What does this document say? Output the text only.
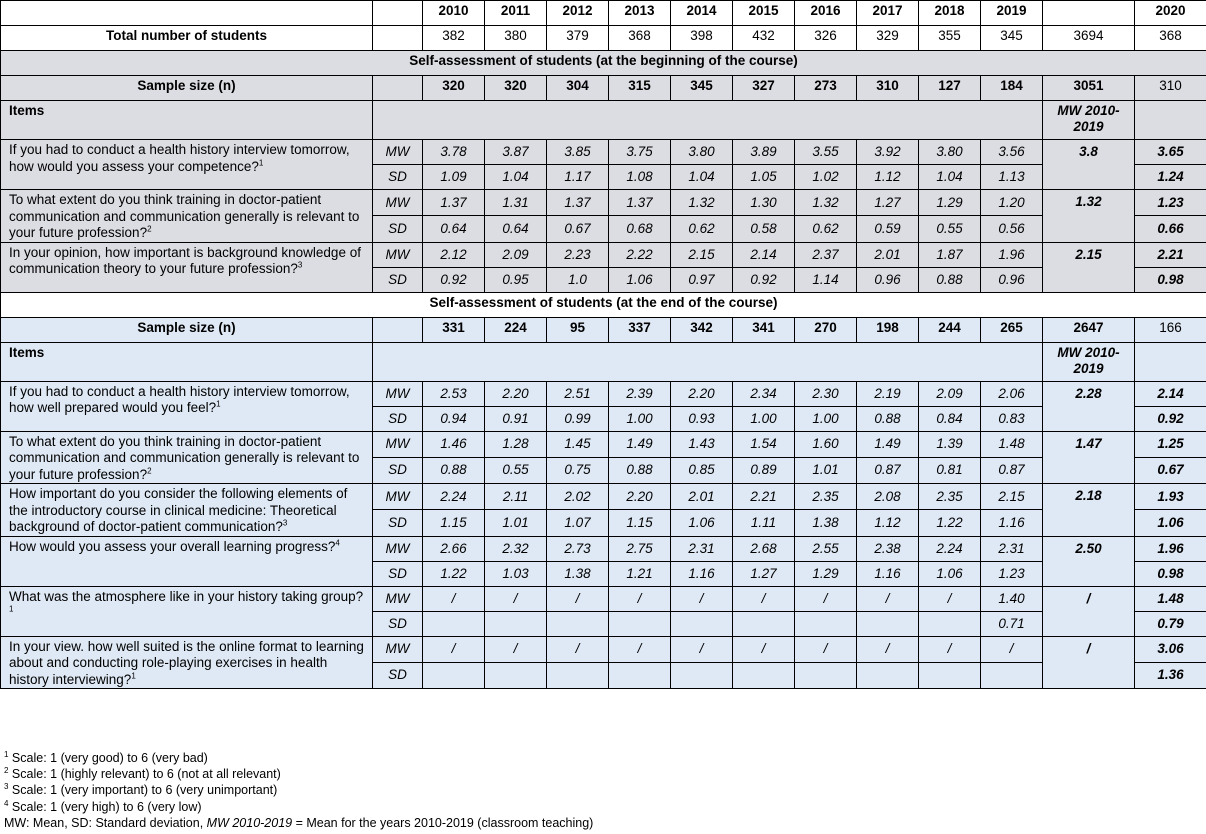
		2010	2011	2012	2013	2014	2015	2016	2017	2018	2019		2020
Total number of students		382	380	379	368	398	432	326	329	355	345	3694	368
Self-assessment of students (at the beginning of the course)													
Sample size (n)		320	320	304	315	345	327	273	310	127	184	3051	310
Items												MW 2010-2019	
If you had to conduct a health history interview tomorrow, how would you assess your competence?$^1$	MW	3.78	3.87	3.85	3.75	3.80	3.89	3.55	3.92	3.80	3.56	3.8	3.65
	SD	1.09	1.04	1.17	1.08	1.04	1.05	1.02	1.12	1.04	1.13		1.24
To what extent do you think training in doctor-patient communication and communication generally is relevant to your future profession?$^2$	MW	1.37	1.31	1.37	1.37	1.32	1.30	1.32	1.27	1.29	1.20	1.32	1.23
	SD	0.64	0.64	0.67	0.68	0.62	0.58	0.62	0.59	0.55	0.56		0.66
In your opinion, how important is background knowledge of communication theory to your future profession?$^3$	MW	2.12	2.09	2.23	2.22	2.15	2.14	2.37	2.01	1.87	1.96	2.15	2.21
	SD	0.92	0.95	1.0	1.06	0.97	0.92	1.14	0.96	0.88	0.96		0.98
Self-assessment of students (at the end of the course)													
Sample size (n)		331	224	95	337	342	341	270	198	244	265	2647	166
Items												MW 2010-2019	
If you had to conduct a health history interview tomorrow, how well prepared would you feel?$^1$	MW	2.53	2.20	2.51	2.39	2.20	2.34	2.30	2.19	2.09	2.06	2.28	2.14
	SD	0.94	0.91	0.99	1.00	0.93	1.00	1.00	0.88	0.84	0.83		0.92
To what extent do you think training in doctor-patient communication and communication generally is relevant to your future profession?$^2$	MW	1.46	1.28	1.45	1.49	1.43	1.54	1.60	1.49	1.39	1.48	1.47	1.25
	SD	0.88	0.55	0.75	0.88	0.85	0.89	1.01	0.87	0.81	0.87		0.67
How important do you consider the following elements of the introductory course in clinical medicine: Theoretical background of doctor-patient communication?$^3$	MW	2.24	2.11	2.02	2.20	2.01	2.21	2.35	2.08	2.35	2.15	2.18	1.93
	SD	1.15	1.01	1.07	1.15	1.06	1.11	1.38	1.12	1.22	1.16		1.06
How would you assess your overall learning progress?$^4$	MW	2.66	2.32	2.73	2.75	2.31	2.68	2.55	2.38	2.24	2.31	2.50	1.96
	SD	1.22	1.03	1.38	1.21	1.16	1.27	1.29	1.16	1.06	1.23		0.98
What was the atmosphere like in your history taking group?$^1$	MW	/	/	/	/	/	/	/	/	/	1.40	/	1.48
	SD										0.71		0.79
In your view. how well suited is the online format to learning about and conducting role-playing exercises in health history interviewing?$^1$	MW	/	/	/	/	/	/	/	/	/	/	/	3.06
	SD												1.36
$^1$ Scale: 1 (very good) to 6 (very bad)
$^2$ Scale: 1 (highly relevant) to 6 (not at all relevant)
$^3$ Scale: 1 (very important) to 6 (very unimportant)
$^4$ Scale: 1 (very high) to 6 (very low)
MW: Mean, SD: Standard deviation, MW 2010-2019 = Mean for the years 2010-2019 (classroom teaching)
